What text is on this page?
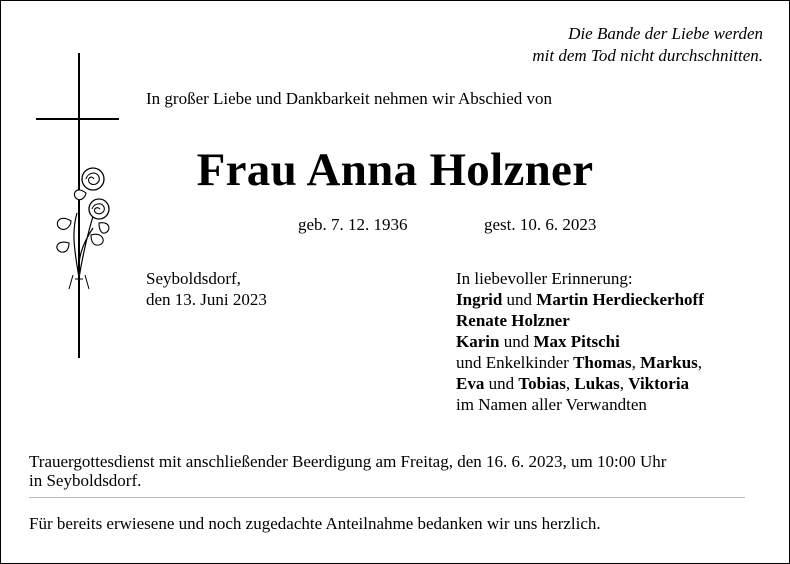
Die Bande der Liebe werden
mit dem Tod nicht durchschnitten.
In großer Liebe und Dankbarkeit nehmen wir Abschied von
Frau Anna Holzner
geb. 7. 12. 1936	gest. 10. 6. 2023
Seyboldsdorf,
den 13. Juni 2023
In liebevoller Erinnerung:
Ingrid und Martin Herdieckerhoff
Renate Holzner
Karin und Max Pitschi
und Enkelkinder Thomas, Markus,
Eva und Tobias, Lukas, Viktoria
im Namen aller Verwandten
Trauergottesdienst mit anschließender Beerdigung am Freitag, den 16. 6. 2023, um 10:00 Uhr
in Seyboldsdorf.
Für bereits erwiesene und noch zugedachte Anteilnahme bedanken wir uns herzlich.
